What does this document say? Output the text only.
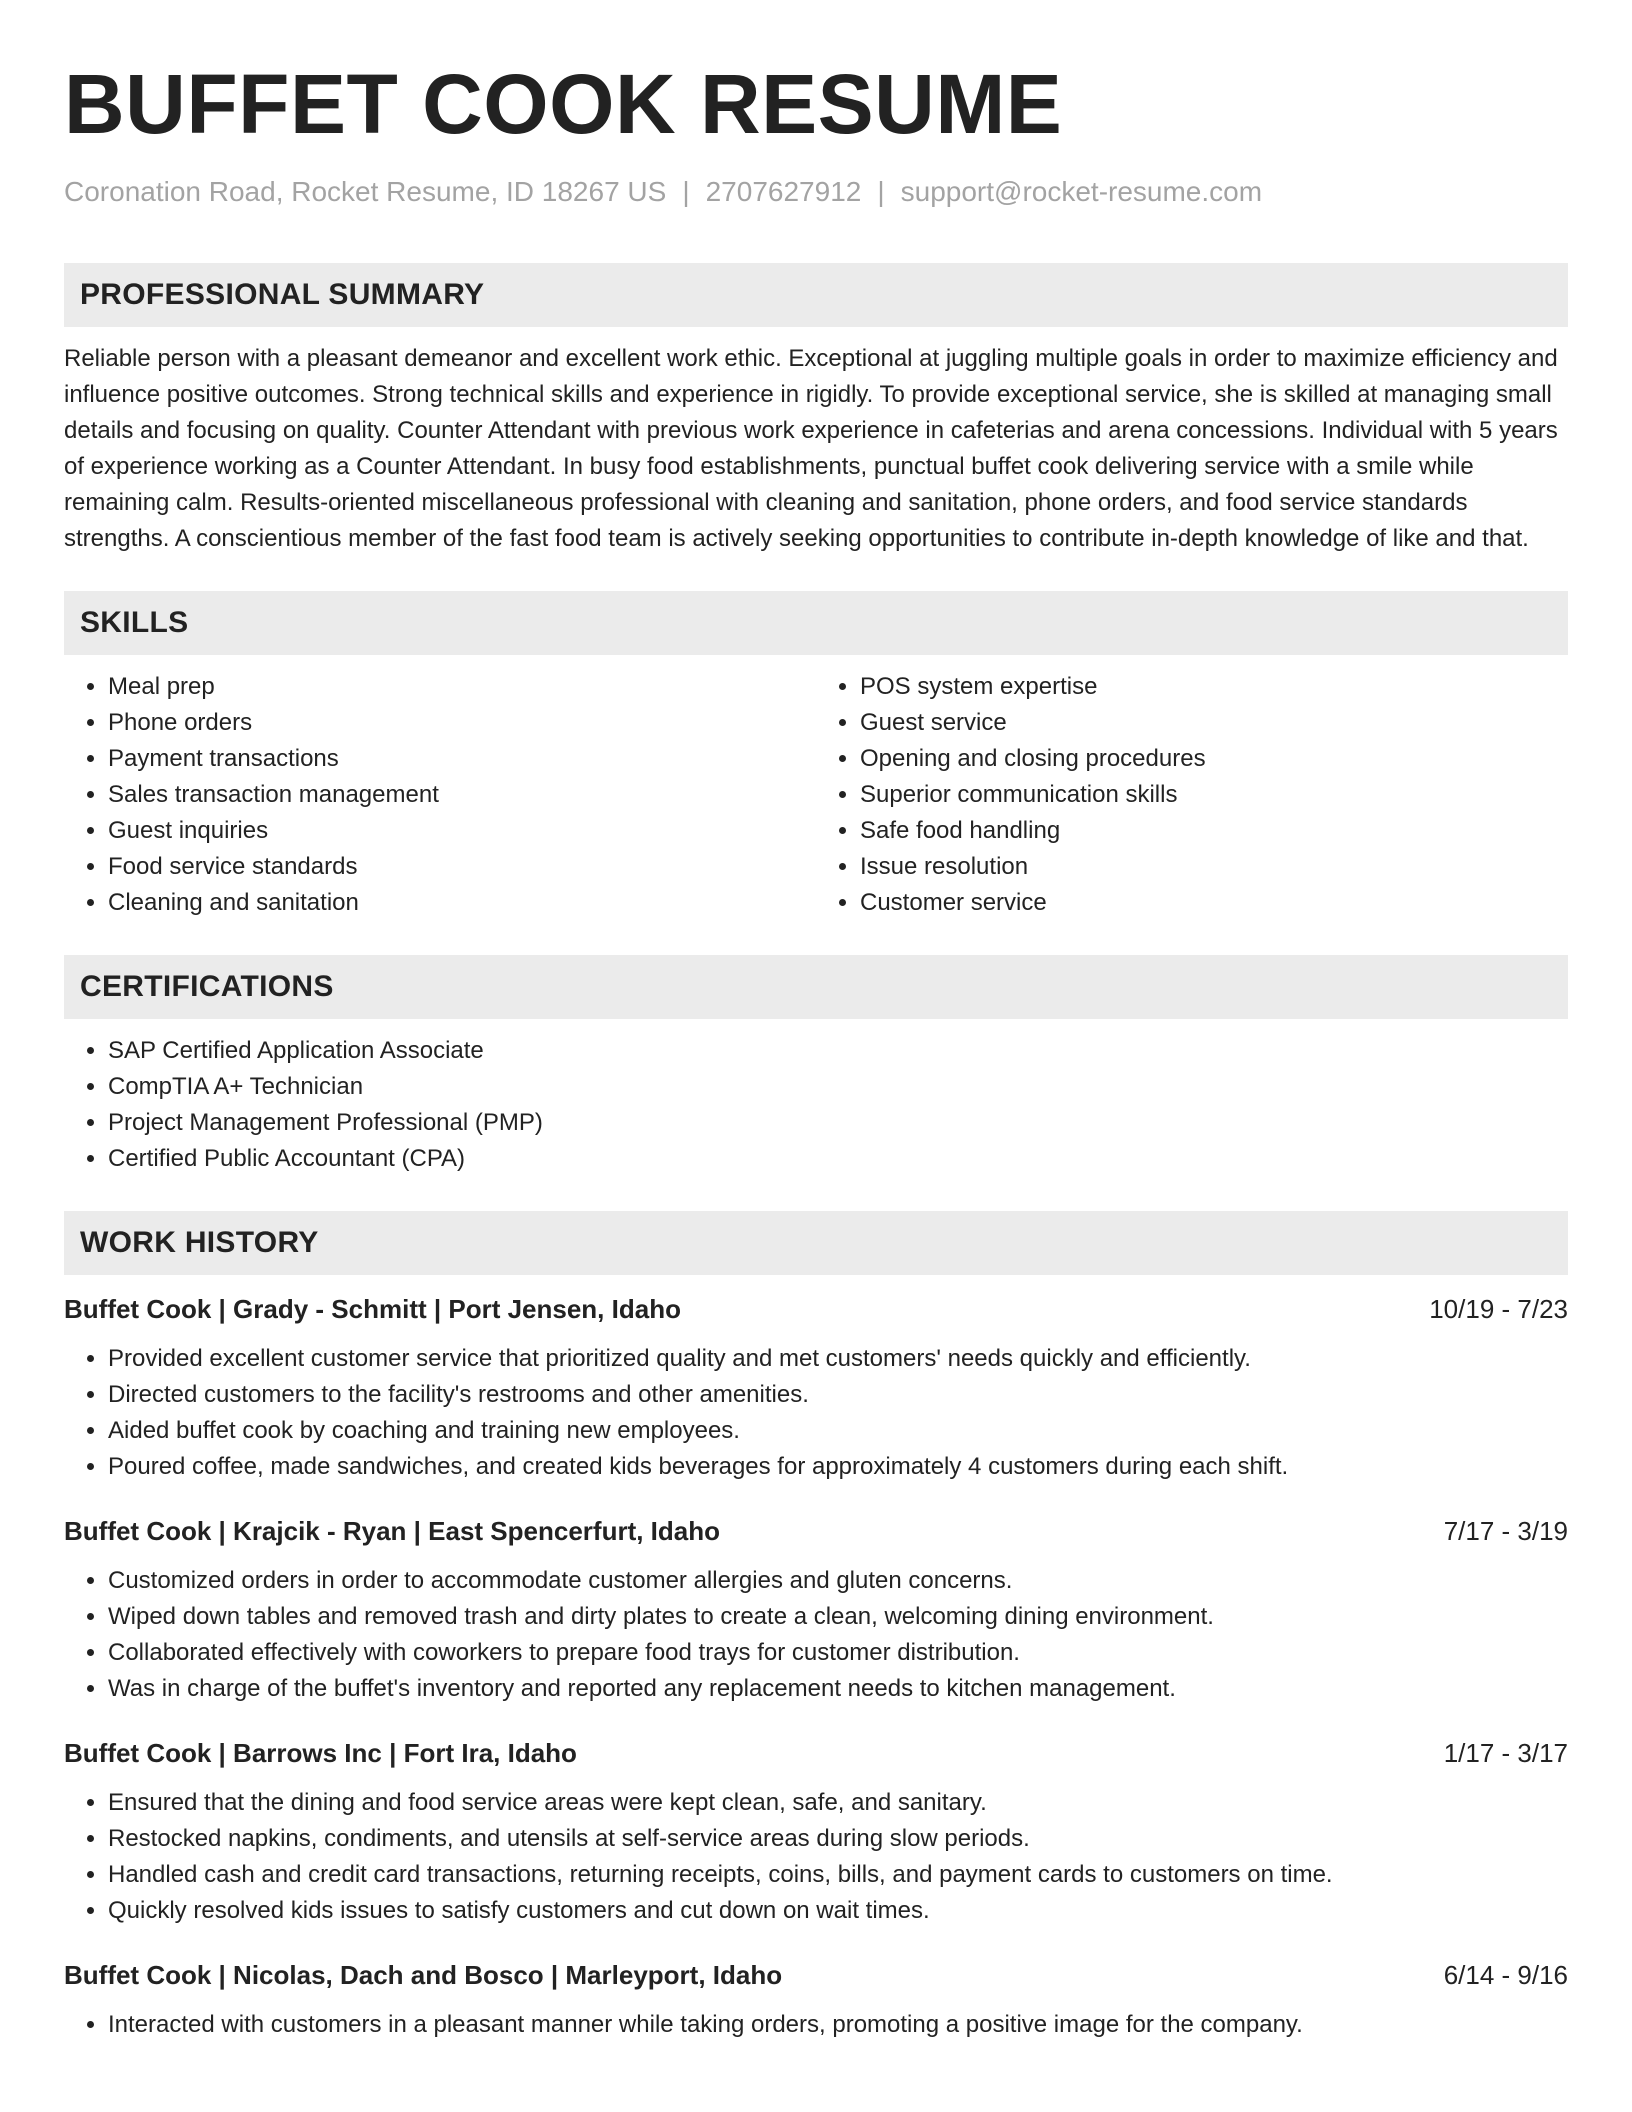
BUFFET COOK RESUME
Coronation Road, Rocket Resume, ID 18267 US | 2707627912 | support@rocket-resume.com
PROFESSIONAL SUMMARY

Reliable person with a pleasant demeanor and excellent work ethic. Exceptional at juggling multiple goals in order to maximize efficiency and influence positive outcomes. Strong technical skills and experience in rigidly. To provide exceptional service, she is skilled at managing small details and focusing on quality. Counter Attendant with previous work experience in cafeterias and arena concessions. Individual with 5 years of experience working as a Counter Attendant. In busy food establishments, punctual buffet cook delivering service with a smile while remaining calm. Results-oriented miscellaneous professional with cleaning and sanitation, phone orders, and food service standards strengths. A conscientious member of the fast food team is actively seeking opportunities to contribute in-depth knowledge of like and that.

SKILLS
• Meal prep
• Phone orders
• Payment transactions
• Sales transaction management
• Guest inquiries
• Food service standards
• Cleaning and sanitation
• POS system expertise
• Guest service
• Opening and closing procedures
• Superior communication skills
• Safe food handling
• Issue resolution
• Customer service
CERTIFICATIONS
• SAP Certified Application Associate
• CompTIA A+ Technician
• Project Management Professional (PMP)
• Certified Public Accountant (CPA)
WORK HISTORY
Buffet Cook | Grady - Schmitt | Port Jensen, Idaho	10/19 - 7/23
• Provided excellent customer service that prioritized quality and met customers' needs quickly and efficiently.
• Directed customers to the facility's restrooms and other amenities.
• Aided buffet cook by coaching and training new employees.
• Poured coffee, made sandwiches, and created kids beverages for approximately 4 customers during each shift.
Buffet Cook | Krajcik - Ryan | East Spencerfurt, Idaho	7/17 - 3/19
• Customized orders in order to accommodate customer allergies and gluten concerns.
• Wiped down tables and removed trash and dirty plates to create a clean, welcoming dining environment.
• Collaborated effectively with coworkers to prepare food trays for customer distribution.
• Was in charge of the buffet's inventory and reported any replacement needs to kitchen management.
Buffet Cook | Barrows Inc | Fort Ira, Idaho	1/17 - 3/17
• Ensured that the dining and food service areas were kept clean, safe, and sanitary.
• Restocked napkins, condiments, and utensils at self-service areas during slow periods.
• Handled cash and credit card transactions, returning receipts, coins, bills, and payment cards to customers on time.
• Quickly resolved kids issues to satisfy customers and cut down on wait times.
Buffet Cook | Nicolas, Dach and Bosco | Marleyport, Idaho	6/14 - 9/16
• Interacted with customers in a pleasant manner while taking orders, promoting a positive image for the company.
